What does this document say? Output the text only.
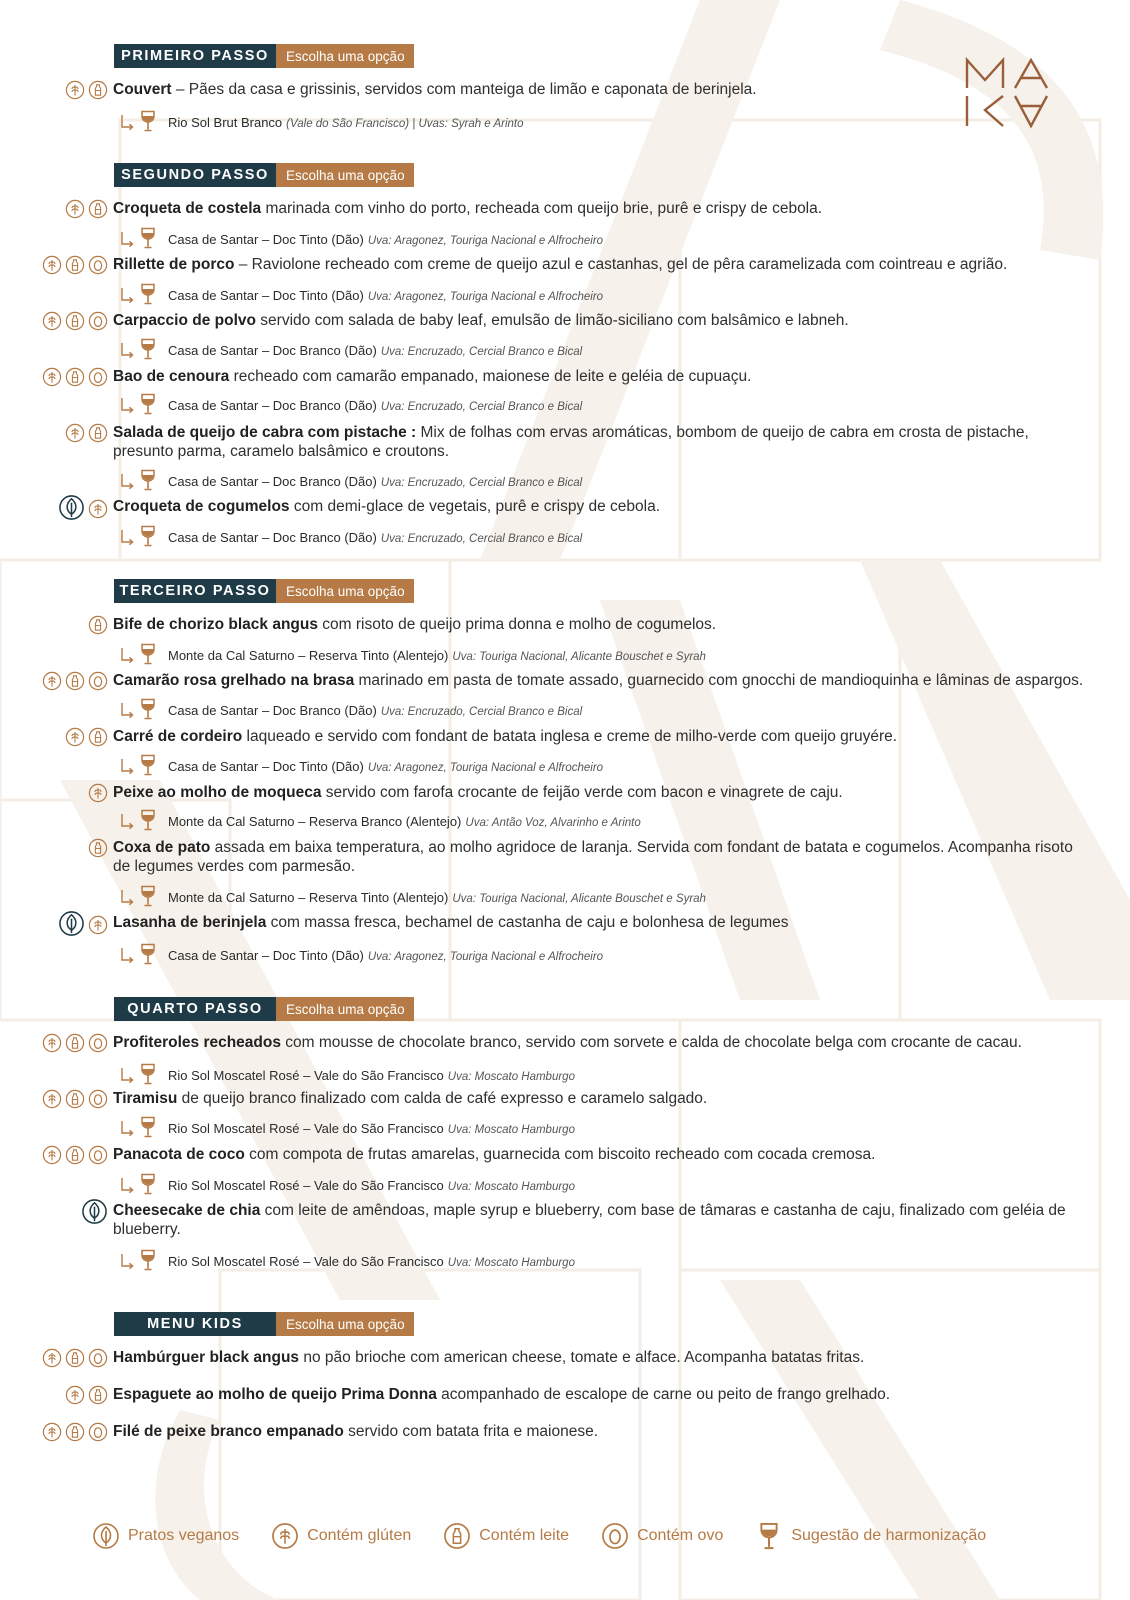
PRIMEIRO PASSO	Escolha uma opção
Couvert – Pães da casa e grissinis, servidos com manteiga de limão e caponata de berinjela.
Rio Sol Brut Branco (Vale do São Francisco) | Uvas: Syrah e Arinto
SEGUNDO PASSO	Escolha uma opção
Croqueta de costela marinada com vinho do porto, recheada com queijo brie, purê e crispy de cebola.
Casa de Santar – Doc Tinto (Dão) Uva: Aragonez, Touriga Nacional e Alfrocheiro
Rillette de porco – Raviolone recheado com creme de queijo azul e castanhas, gel de pêra caramelizada com cointreau e agrião.
Casa de Santar – Doc Tinto (Dão) Uva: Aragonez, Touriga Nacional e Alfrocheiro
Carpaccio de polvo servido com salada de baby leaf, emulsão de limão-siciliano com balsâmico e labneh.
Casa de Santar – Doc Branco (Dão) Uva: Encruzado, Cercial Branco e Bical
Bao de cenoura recheado com camarão empanado, maionese de leite e geléia de cupuaçu.
Casa de Santar – Doc Branco (Dão) Uva: Encruzado, Cercial Branco e Bical
Salada de queijo de cabra com pistache : Mix de folhas com ervas aromáticas, bombom de queijo de cabra em crosta de pistache, presunto parma, caramelo balsâmico e croutons.
Casa de Santar – Doc Branco (Dão) Uva: Encruzado, Cercial Branco e Bical
Croqueta de cogumelos com demi-glace de vegetais, purê e crispy de cebola.
Casa de Santar – Doc Branco (Dão) Uva: Encruzado, Cercial Branco e Bical
TERCEIRO PASSO	Escolha uma opção
Bife de chorizo black angus com risoto de queijo prima donna e molho de cogumelos.
Monte da Cal Saturno – Reserva Tinto (Alentejo) Uva: Touriga Nacional, Alicante Bouschet e Syrah
Camarão rosa grelhado na brasa marinado em pasta de tomate assado, guarnecido com gnocchi de mandioquinha e lâminas de aspargos.
Casa de Santar – Doc Branco (Dão) Uva: Encruzado, Cercial Branco e Bical
Carré de cordeiro laqueado e servido com fondant de batata inglesa e creme de milho-verde com queijo gruyére.
Casa de Santar – Doc Tinto (Dão) Uva: Aragonez, Touriga Nacional e Alfrocheiro
Peixe ao molho de moqueca servido com farofa crocante de feijão verde com bacon e vinagrete de caju.
Monte da Cal Saturno – Reserva Branco (Alentejo) Uva: Antão Voz, Alvarinho e Arinto
Coxa de pato assada em baixa temperatura, ao molho agridoce de laranja. Servida com fondant de batata e cogumelos. Acompanha risoto de legumes verdes com parmesão.
Monte da Cal Saturno – Reserva Tinto (Alentejo) Uva: Touriga Nacional, Alicante Bouschet e Syrah
Lasanha de berinjela com massa fresca, bechamel de castanha de caju e bolonhesa de legumes
Casa de Santar – Doc Tinto (Dão) Uva: Aragonez, Touriga Nacional e Alfrocheiro
QUARTO PASSO	Escolha uma opção
Profiteroles recheados com mousse de chocolate branco, servido com sorvete e calda de chocolate belga com crocante de cacau.
Rio Sol Moscatel Rosé – Vale do São Francisco Uva: Moscato Hamburgo
Tiramisu de queijo branco finalizado com calda de café expresso e caramelo salgado.
Rio Sol Moscatel Rosé – Vale do São Francisco Uva: Moscato Hamburgo
Panacota de coco com compota de frutas amarelas, guarnecida com biscoito recheado com cocada cremosa.
Rio Sol Moscatel Rosé – Vale do São Francisco Uva: Moscato Hamburgo
Cheesecake de chia com leite de amêndoas, maple syrup e blueberry, com base de tâmaras e castanha de caju, finalizado com geléia de blueberry.
Rio Sol Moscatel Rosé – Vale do São Francisco Uva: Moscato Hamburgo
MENU KIDS	Escolha uma opção
Hambúrguer black angus no pão brioche com american cheese, tomate e alface. Acompanha batatas fritas.
Espaguete ao molho de queijo Prima Donna acompanhado de escalope de carne ou peito de frango grelhado.
Filé de peixe branco empanado servido com batata frita e maionese.
Pratos veganos	Contém glúten	Contém leite	Contém ovo	Sugestão de harmonização
